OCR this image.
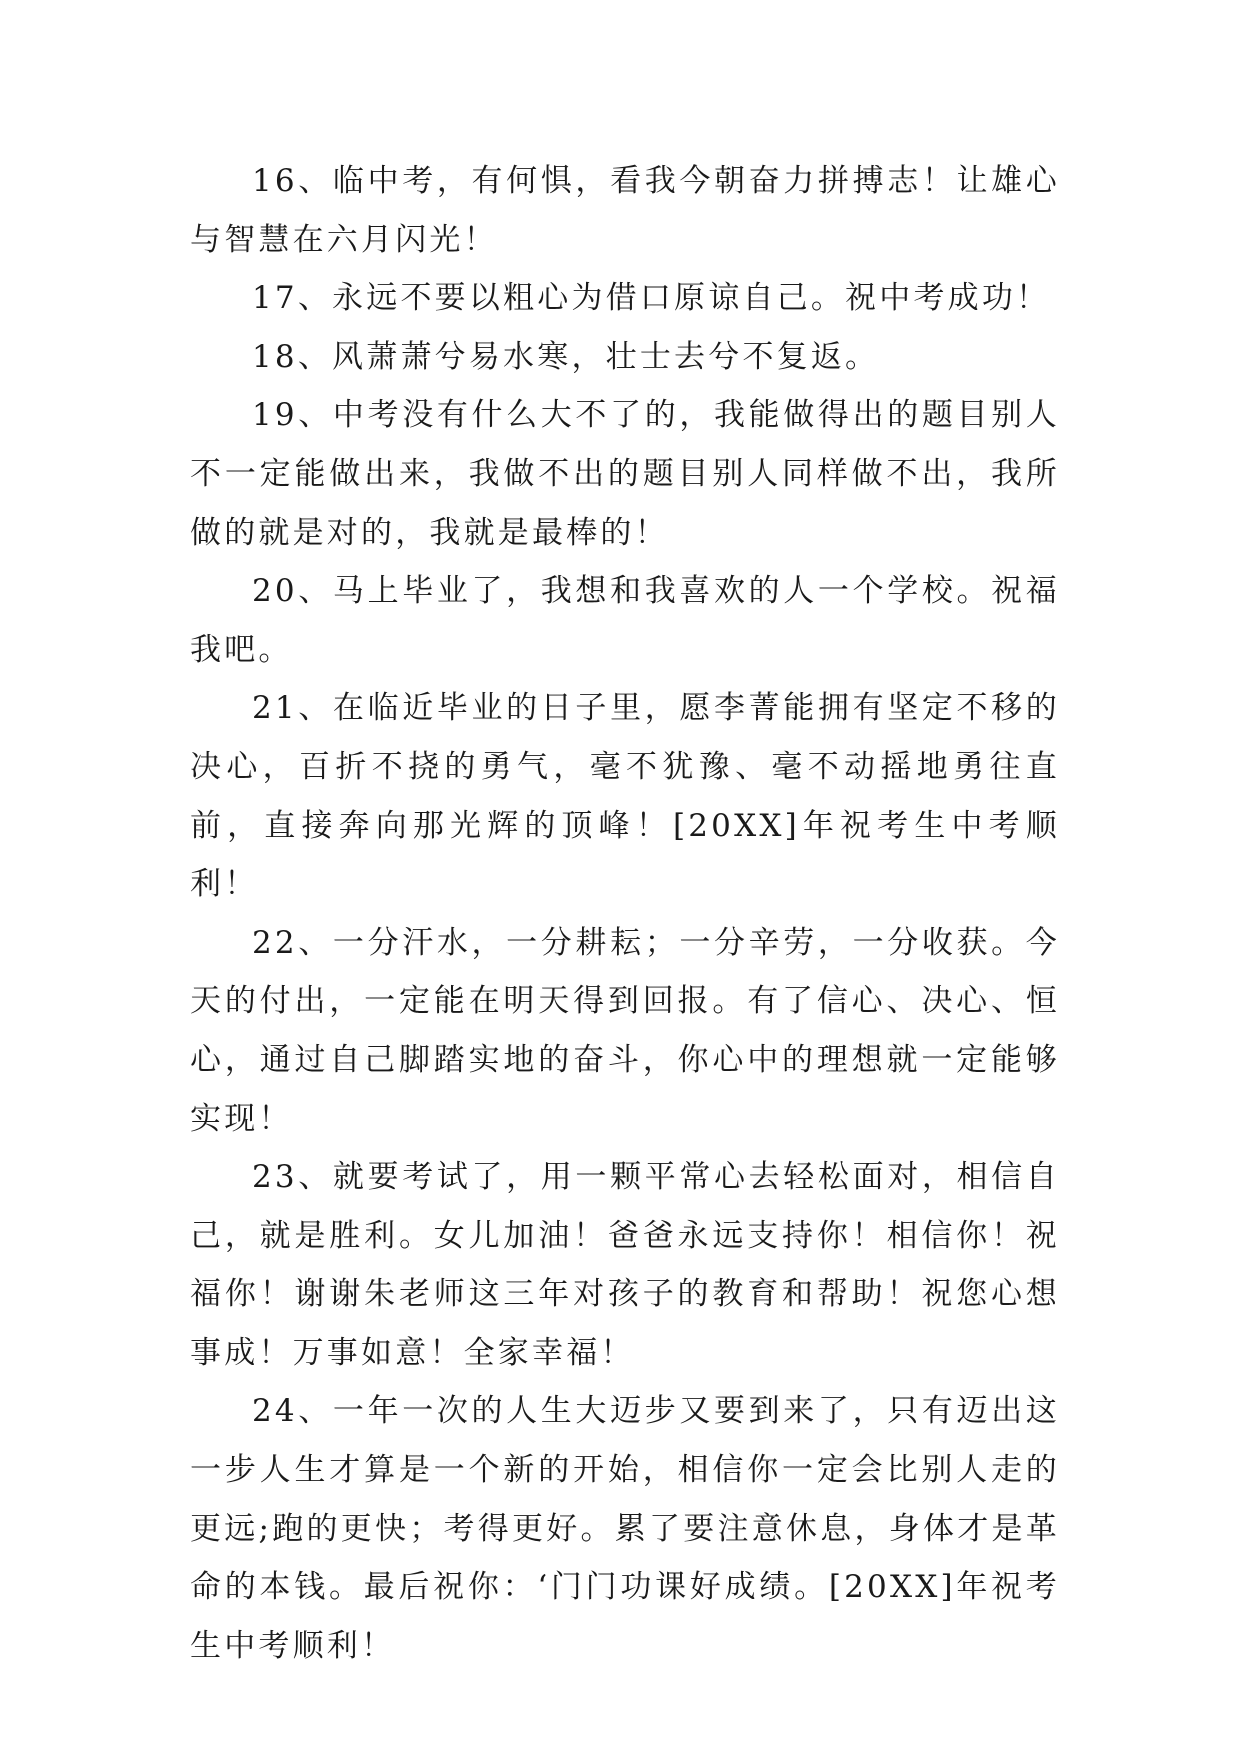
16、临中考，有何惧，看我今朝奋力拼搏志！让雄心与智慧在六月闪光！

17、永远不要以粗心为借口原谅自己。祝中考成功！

18、风萧萧兮易水寒，壮士去兮不复返。

19、中考没有什么大不了的，我能做得出的题目别人不一定能做出来，我做不出的题目别人同样做不出，我所做的就是对的，我就是最棒的！

20、马上毕业了，我想和我喜欢的人一个学校。祝福我吧。

21、在临近毕业的日子里，愿李菁能拥有坚定不移的决心，百折不挠的勇气，毫不犹豫、毫不动摇地勇往直前，直接奔向那光辉的顶峰！[20XX]年祝考生中考顺利！

22、一分汗水，一分耕耘；一分辛劳，一分收获。今天的付出，一定能在明天得到回报。有了信心、决心、恒心，通过自己脚踏实地的奋斗，你心中的理想就一定能够实现！

23、就要考试了，用一颗平常心去轻松面对，相信自己，就是胜利。女儿加油！爸爸永远支持你！相信你！祝福你！谢谢朱老师这三年对孩子的教育和帮助！祝您心想事成！万事如意！全家幸福！

24、一年一次的人生大迈步又要到来了，只有迈出这一步人生才算是一个新的开始，相信你一定会比别人走的更远;跑的更快；考得更好。累了要注意休息，身体才是革命的本钱。最后祝你：‘门门功课好成绩。[20XX]年祝考生中考顺利！
